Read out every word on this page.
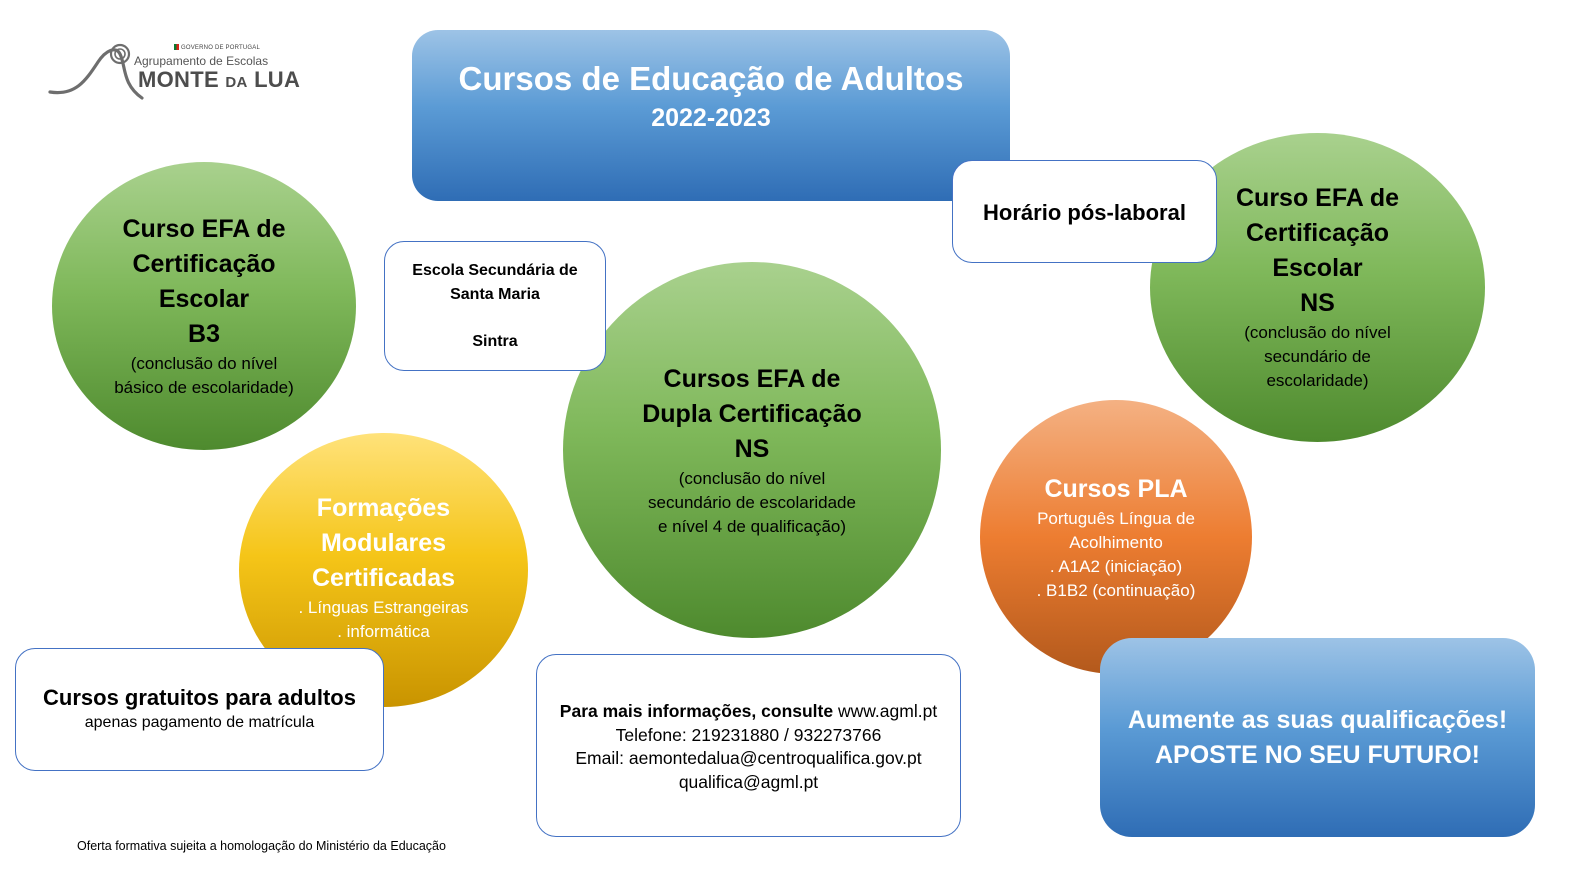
GOVERNO DE PORTUGAL
Agrupamento de Escolas
MONTE DA LUA	Cursos de Educação de Adultos
2022-2023
Curso EFA de
Certificação
Escolar
B3
(conclusão do nível
básico de escolaridade)
Curso EFA de
Certificação
Escolar
NS
(conclusão do nível
secundário de
escolaridade)
Horário pós-laboral
Formações
Modulares
Certificadas
. Línguas Estrangeiras
. informática
Cursos EFA de
Dupla Certificação
NS
(conclusão do nível
secundário de escolaridade
e nível 4 de qualificação)
Escola Secundária de
Santa Maria
Sintra
Cursos PLA
Português Língua de
Acolhimento
. A1A2 (iniciação)
. B1B2 (continuação)
Cursos gratuitos para adultos
apenas pagamento de matrícula
Para mais informações, consulte www.agml.pt
Telefone: 219231880 / 932273766
Email: aemontedalua@centroqualifica.gov.pt
qualifica@agml.pt
Aumente as suas qualificações!
APOSTE NO SEU FUTURO!
Oferta formativa sujeita a homologação do Ministério da Educação
